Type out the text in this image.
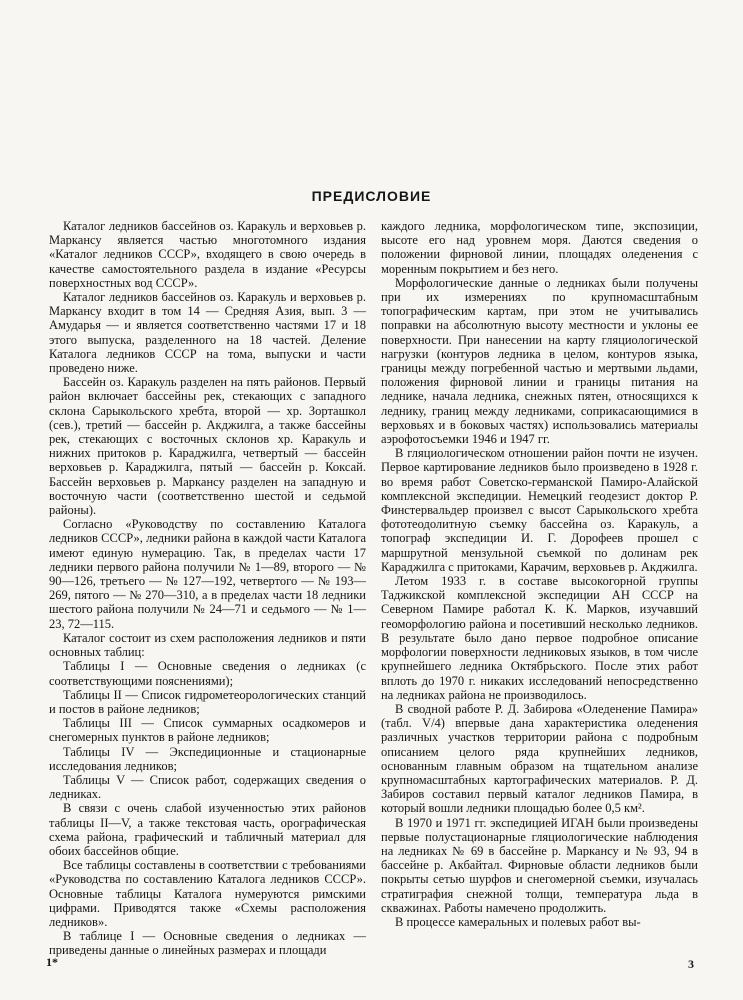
ПРЕДИСЛОВИЕ

Каталог ледников бассейнов оз. Каракуль и верховьев р. Маркансу является частью многотомного издания «Каталог ледников СССР», входящего в свою очередь в качестве самостоятельного раздела в издание «Ресурсы поверхностных вод СССР».

Каталог ледников бассейнов оз. Каракуль и верховьев р. Маркансу входит в том 14 — Средняя Азия, вып. 3 — Амударья — и является соответственно частями 17 и 18 этого выпуска, разделенного на 18 частей. Деление Каталога ледников СССР на тома, выпуски и части проведено ниже.

Бассейн оз. Каракуль разделен на пять районов. Первый район включает бассейны рек, стекающих с западного склона Сарыкольского хребта, второй — хр. Зорташкол (сев.), третий — бассейн р. Акджилга, а также бассейны рек, стекающих с восточных склонов хр. Каракуль и нижних притоков р. Караджилга, четвертый — бассейн верховьев р. Караджилга, пятый — бассейн р. Коксай. Бассейн верховьев р. Маркансу разделен на западную и восточную части (соответственно шестой и седьмой районы).

Согласно «Руководству по составлению Каталога ледников СССР», ледники района в каждой части Каталога имеют единую нумерацию. Так, в пределах части 17 ледники первого района получили № 1—89, второго — № 90—126, третьего — № 127—192, четвертого — № 193—269, пятого — № 270—310, а в пределах части 18 ледники шестого района получили № 24—71 и седьмого — № 1—23, 72—115.

Каталог состоит из схем расположения ледников и пяти основных таблиц:

Таблицы I — Основные сведения о ледниках (с соответствующими пояснениями);

Таблицы II — Список гидрометеорологических станций и постов в районе ледников;

Таблицы III — Список суммарных осадкомеров и снегомерных пунктов в районе ледников;

Таблицы IV — Экспедиционные и стационарные исследования ледников;

Таблицы V — Список работ, содержащих сведения о ледниках.

В связи с очень слабой изученностью этих районов таблицы II—V, а также текстовая часть, орографическая схема района, графический и табличный материал для обоих бассейнов общие.

Все таблицы составлены в соответствии с требованиями «Руководства по составлению Каталога ледников СССР». Основные таблицы Каталога нумеруются римскими цифрами. Приводятся также «Схемы расположения ледников».

В таблице I — Основные сведения о ледниках — приведены данные о линейных размерах и площади

каждого ледника, морфологическом типе, экспозиции, высоте его над уровнем моря. Даются сведения о положении фирновой линии, площадях оледенения с моренным покрытием и без него.

Морфологические данные о ледниках были получены при их измерениях по крупномасштабным топографическим картам, при этом не учитывались поправки на абсолютную высоту местности и уклоны ее поверхности. При нанесении на карту гляциологической нагрузки (контуров ледника в целом, контуров языка, границы между погребенной частью и мертвыми льдами, положения фирновой линии и границы питания на леднике, начала ледника, снежных пятен, относящихся к леднику, границ между ледниками, соприкасающимися в верховьях и в боковых частях) использовались материалы аэрофотосъемки 1946 и 1947 гг.

В гляциологическом отношении район почти не изучен. Первое картирование ледников было произведено в 1928 г. во время работ Советско-германской Памиро-Алайской комплексной экспедиции. Немецкий геодезист доктор Р. Финстервальдер произвел с высот Сарыкольского хребта фототеодолитную съемку бассейна оз. Каракуль, а топограф экспедиции И. Г. Дорофеев прошел с маршрутной мензульной съемкой по долинам рек Караджилга с притоками, Карачим, верховьев р. Акджилга.

Летом 1933 г. в составе высокогорной группы Таджикской комплексной экспедиции АН СССР на Северном Памире работал К. К. Марков, изучавший геоморфологию района и посетивший несколько ледников. В результате было дано первое подробное описание морфологии поверхности ледниковых языков, в том числе крупнейшего ледника Октябрьского. После этих работ вплоть до 1970 г. никаких исследований непосредственно на ледниках района не производилось.

В сводной работе Р. Д. Забирова «Оледенение Памира» (табл. V/4) впервые дана характеристика оледенения различных участков территории района с подробным описанием целого ряда крупнейших ледников, основанным главным образом на тщательном анализе крупномасштабных картографических материалов. Р. Д. Забиров составил первый каталог ледников Памира, в который вошли ледники площадью более 0,5 км².

В 1970 и 1971 гг. экспедицией ИГАН были произведены первые полустационарные гляциологические наблюдения на ледниках № 69 в бассейне р. Маркансу и № 93, 94 в бассейне р. Акбайтал. Фирновые области ледников были покрыты сетью шурфов и снегомерной съемки, изучалась стратиграфия снежной толщи, температура льда в скважинах. Работы намечено продолжить.

В процессе камеральных и полевых работ вы-

1*	3
